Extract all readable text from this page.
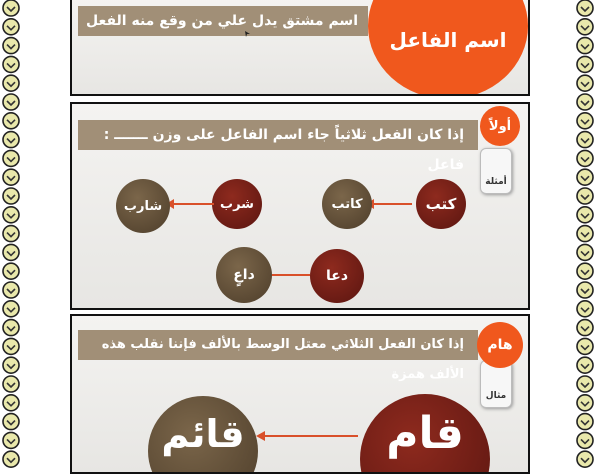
اسم مشتق يدل علي من وقع منه الفعل
اسم الفاعل
إذا كان الفعل ثلاثياً جاء اسم الفاعل على وزن ـــــــ : فاعل
أمثلة
أولاً
كتب
كاتب
شرب
شارب
دعا
داعٍ
إذا كان الفعل الثلاثي معتل الوسط بالألف فإننا نقلب هذه الألف همزة
مثال
هام
قام
قائم
